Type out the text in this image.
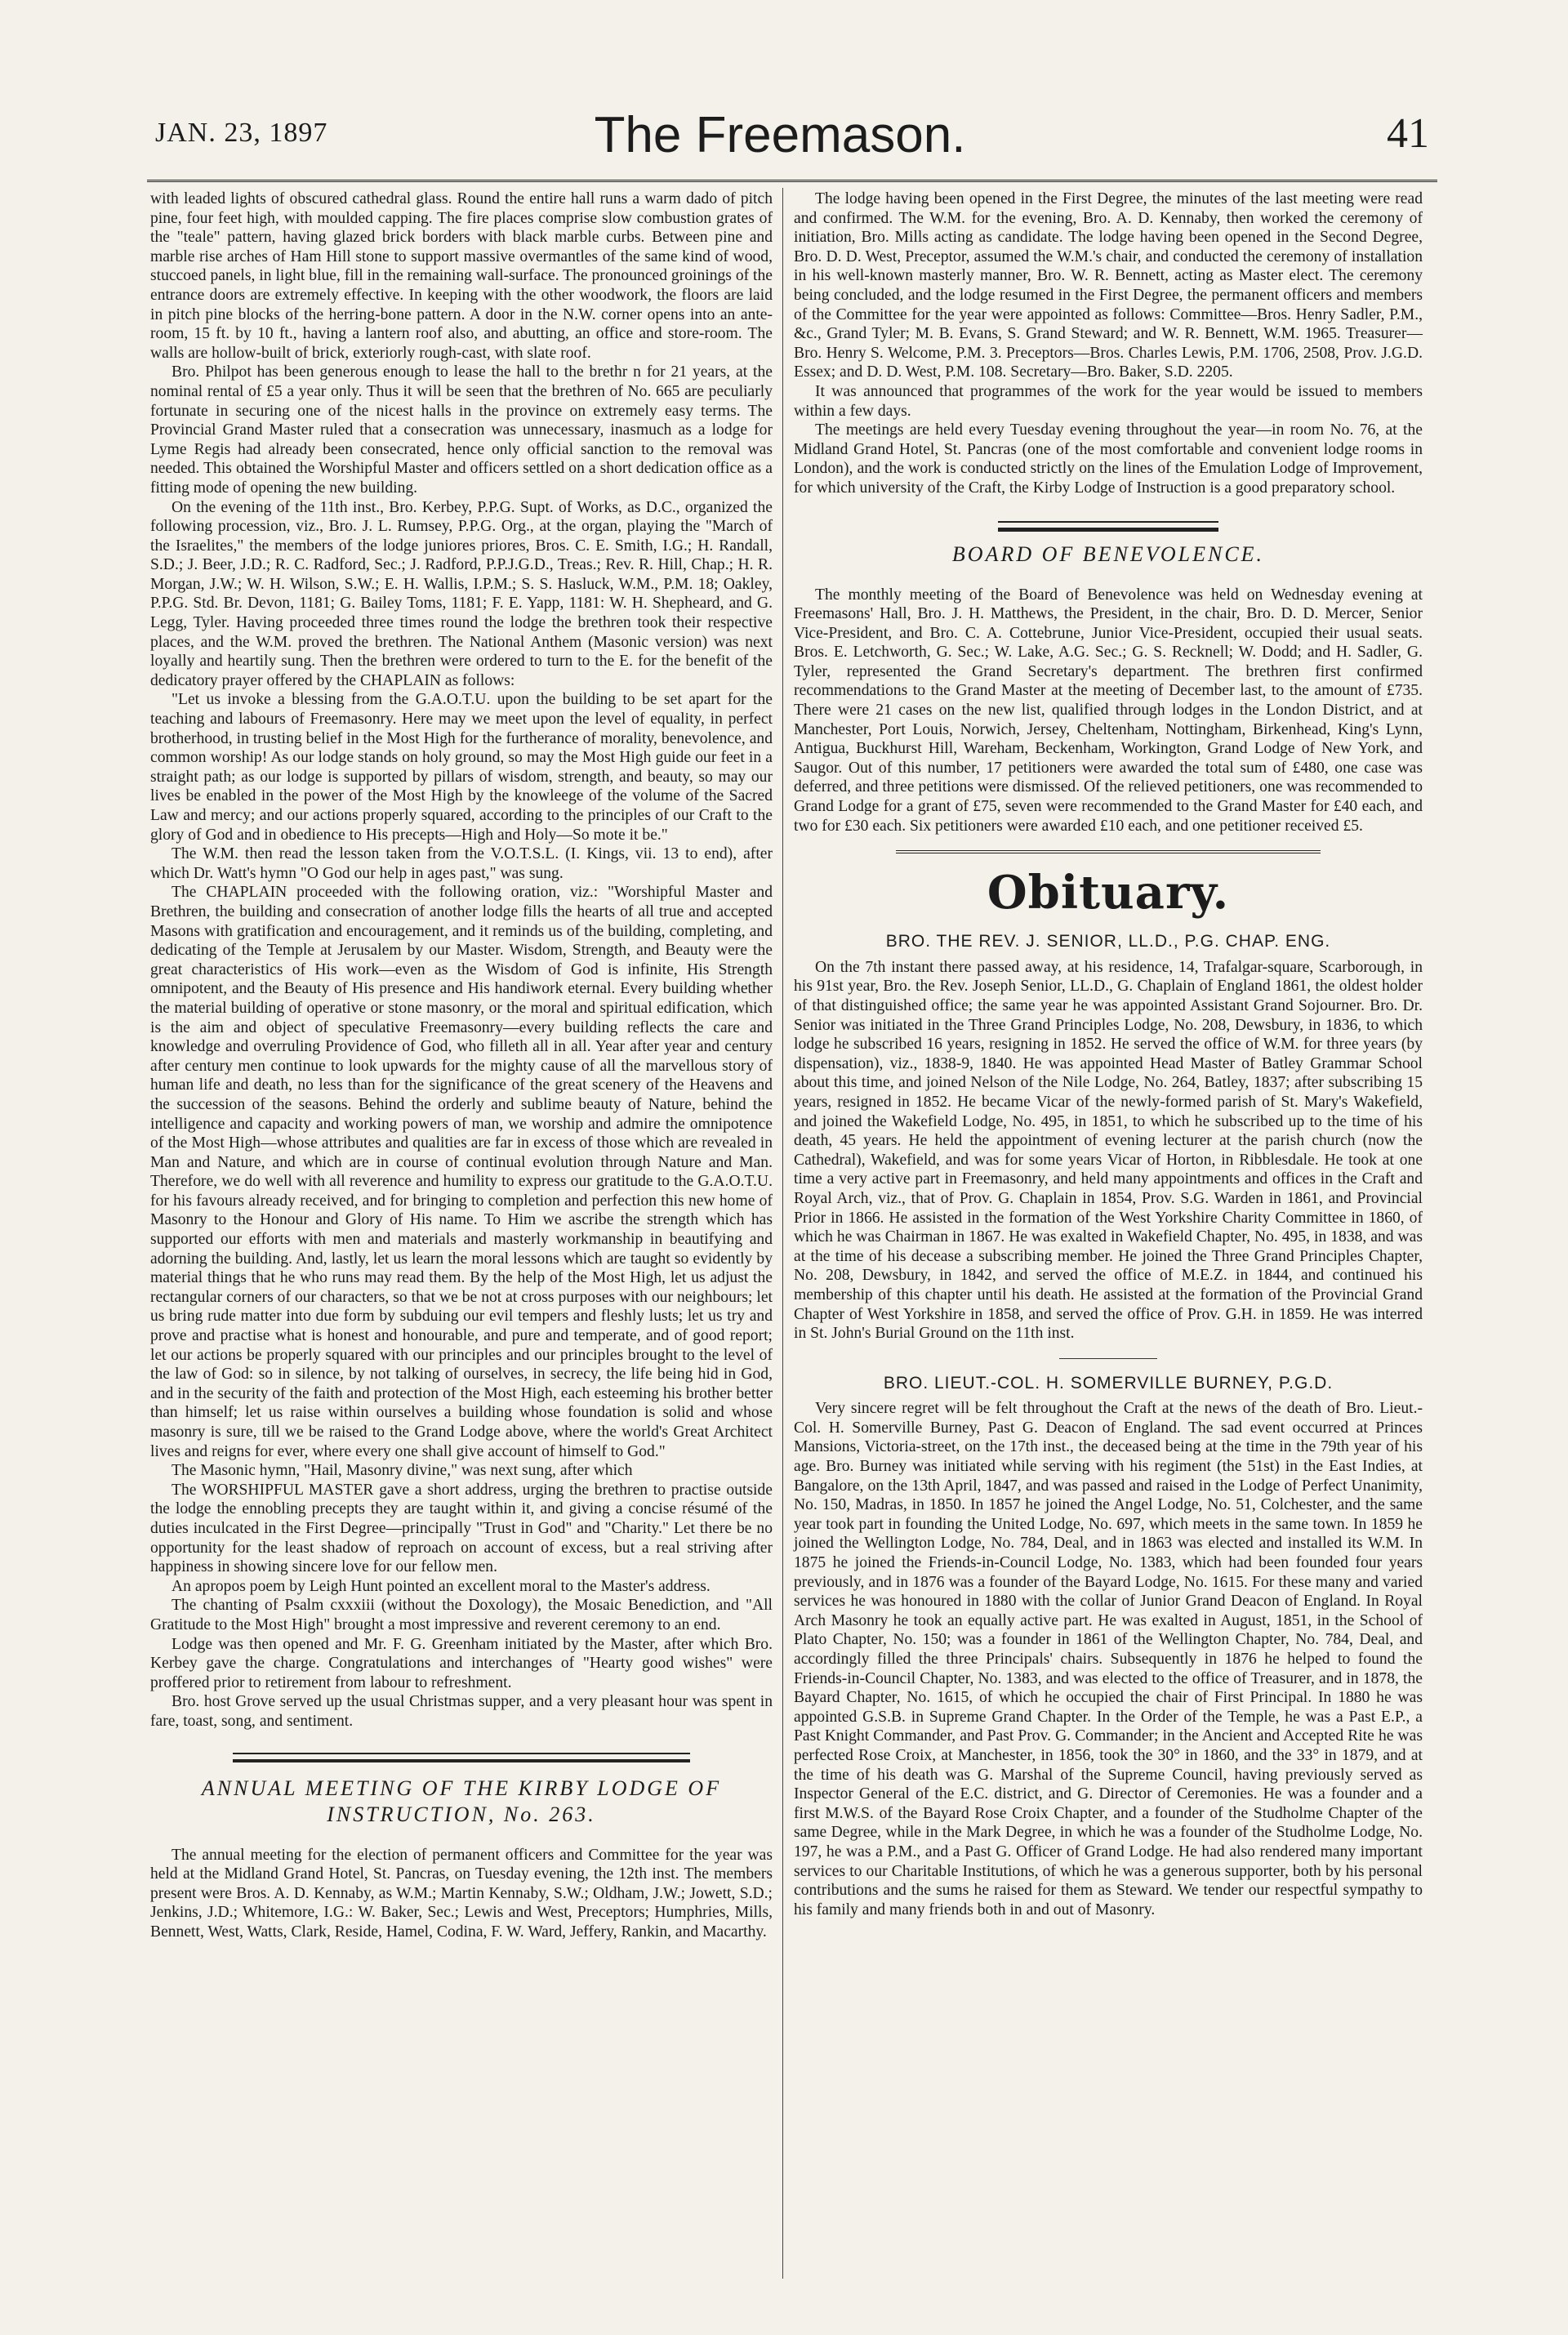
JAN. 23, 1897	The Freemason.	41

with leaded lights of obscured cathedral glass. Round the entire hall runs a warm dado of pitch pine, four feet high, with moulded capping. The fire places comprise slow combustion grates of the "teale" pattern, having glazed brick borders with black marble curbs. Between pine and marble rise arches of Ham Hill stone to support massive overmantles of the same kind of wood, stuccoed panels, in light blue, fill in the remaining wall-surface. The pronounced groinings of the entrance doors are extremely effective. In keeping with the other woodwork, the floors are laid in pitch pine blocks of the herring-bone pattern. A door in the N.W. corner opens into an ante-room, 15 ft. by 10 ft., having a lantern roof also, and abutting, an office and store-room. The walls are hollow-built of brick, exteriorly rough-cast, with slate roof.

Bro. Philpot has been generous enough to lease the hall to the brethr n for 21 years, at the nominal rental of £5 a year only. Thus it will be seen that the brethren of No. 665 are peculiarly fortunate in securing one of the nicest halls in the province on extremely easy terms. The Provincial Grand Master ruled that a consecration was unnecessary, inasmuch as a lodge for Lyme Regis had already been consecrated, hence only official sanction to the removal was needed. This obtained the Worshipful Master and officers settled on a short dedication office as a fitting mode of opening the new building.

On the evening of the 11th inst., Bro. Kerbey, P.P.G. Supt. of Works, as D.C., organized the following procession, viz., Bro. J. L. Rumsey, P.P.G. Org., at the organ, playing the "March of the Israelites," the members of the lodge juniores priores, Bros. C. E. Smith, I.G.; H. Randall, S.D.; J. Beer, J.D.; R. C. Radford, Sec.; J. Radford, P.P.J.G.D., Treas.; Rev. R. Hill, Chap.; H. R. Morgan, J.W.; W. H. Wilson, S.W.; E. H. Wallis, I.P.M.; S. S. Hasluck, W.M., P.M. 18; Oakley, P.P.G. Std. Br. Devon, 1181; G. Bailey Toms, 1181; F. E. Yapp, 1181: W. H. Shepheard, and G. Legg, Tyler. Having proceeded three times round the lodge the brethren took their respective places, and the W.M. proved the brethren. The National Anthem (Masonic version) was next loyally and heartily sung. Then the brethren were ordered to turn to the E. for the benefit of the dedicatory prayer offered by the CHAPLAIN as follows:

"Let us invoke a blessing from the G.A.O.T.U. upon the building to be set apart for the teaching and labours of Freemasonry. Here may we meet upon the level of equality, in perfect brotherhood, in trusting belief in the Most High for the furtherance of morality, benevolence, and common worship! As our lodge stands on holy ground, so may the Most High guide our feet in a straight path; as our lodge is supported by pillars of wisdom, strength, and beauty, so may our lives be enabled in the power of the Most High by the knowleege of the volume of the Sacred Law and mercy; and our actions properly squared, according to the principles of our Craft to the glory of God and in obedience to His precepts—High and Holy—So mote it be."

The W.M. then read the lesson taken from the V.O.T.S.L. (I. Kings, vii. 13 to end), after which Dr. Watt's hymn "O God our help in ages past," was sung.

The CHAPLAIN proceeded with the following oration, viz.: "Worshipful Master and Brethren, the building and consecration of another lodge fills the hearts of all true and accepted Masons with gratification and encouragement, and it reminds us of the building, completing, and dedicating of the Temple at Jerusalem by our Master. Wisdom, Strength, and Beauty were the great characteristics of His work—even as the Wisdom of God is infinite, His Strength omnipotent, and the Beauty of His presence and His handiwork eternal. Every building whether the material building of operative or stone masonry, or the moral and spiritual edification, which is the aim and object of speculative Freemasonry—every building reflects the care and knowledge and overruling Providence of God, who filleth all in all. Year after year and century after century men continue to look upwards for the mighty cause of all the marvellous story of human life and death, no less than for the significance of the great scenery of the Heavens and the succession of the seasons. Behind the orderly and sublime beauty of Nature, behind the intelligence and capacity and working powers of man, we worship and admire the omnipotence of the Most High—whose attributes and qualities are far in excess of those which are revealed in Man and Nature, and which are in course of continual evolution through Nature and Man. Therefore, we do well with all reverence and humility to express our gratitude to the G.A.O.T.U. for his favours already received, and for bringing to completion and perfection this new home of Masonry to the Honour and Glory of His name. To Him we ascribe the strength which has supported our efforts with men and materials and masterly workmanship in beautifying and adorning the building. And, lastly, let us learn the moral lessons which are taught so evidently by material things that he who runs may read them. By the help of the Most High, let us adjust the rectangular corners of our characters, so that we be not at cross purposes with our neighbours; let us bring rude matter into due form by subduing our evil tempers and fleshly lusts; let us try and prove and practise what is honest and honourable, and pure and temperate, and of good report; let our actions be properly squared with our principles and our principles brought to the level of the law of God: so in silence, by not talking of ourselves, in secrecy, the life being hid in God, and in the security of the faith and protection of the Most High, each esteeming his brother better than himself; let us raise within ourselves a building whose foundation is solid and whose masonry is sure, till we be raised to the Grand Lodge above, where the world's Great Architect lives and reigns for ever, where every one shall give account of himself to God."

The Masonic hymn, "Hail, Masonry divine," was next sung, after which

The WORSHIPFUL MASTER gave a short address, urging the brethren to practise outside the lodge the ennobling precepts they are taught within it, and giving a concise résumé of the duties inculcated in the First Degree—principally "Trust in God" and "Charity." Let there be no opportunity for the least shadow of reproach on account of excess, but a real striving after happiness in showing sincere love for our fellow men.

An apropos poem by Leigh Hunt pointed an excellent moral to the Master's address.

The chanting of Psalm cxxxiii (without the Doxology), the Mosaic Benediction, and "All Gratitude to the Most High" brought a most impressive and reverent ceremony to an end.

Lodge was then opened and Mr. F. G. Greenham initiated by the Master, after which Bro. Kerbey gave the charge. Congratulations and interchanges of "Hearty good wishes" were proffered prior to retirement from labour to refreshment.

Bro. host Grove served up the usual Christmas supper, and a very pleasant hour was spent in fare, toast, song, and sentiment.

ANNUAL MEETING OF THE KIRBY LODGE OF
INSTRUCTION, No. 263.

The annual meeting for the election of permanent officers and Committee for the year was held at the Midland Grand Hotel, St. Pancras, on Tuesday evening, the 12th inst. The members present were Bros. A. D. Kennaby, as W.M.; Martin Kennaby, S.W.; Oldham, J.W.; Jowett, S.D.; Jenkins, J.D.; Whitemore, I.G.: W. Baker, Sec.; Lewis and West, Preceptors; Humphries, Mills, Bennett, West, Watts, Clark, Reside, Hamel, Codina, F. W. Ward, Jeffery, Rankin, and Macarthy.

The lodge having been opened in the First Degree, the minutes of the last meeting were read and confirmed. The W.M. for the evening, Bro. A. D. Kennaby, then worked the ceremony of initiation, Bro. Mills acting as candidate. The lodge having been opened in the Second Degree, Bro. D. D. West, Preceptor, assumed the W.M.'s chair, and conducted the ceremony of installation in his well-known masterly manner, Bro. W. R. Bennett, acting as Master elect. The ceremony being concluded, and the lodge resumed in the First Degree, the permanent officers and members of the Committee for the year were appointed as follows: Committee—Bros. Henry Sadler, P.M., &c., Grand Tyler; M. B. Evans, S. Grand Steward; and W. R. Bennett, W.M. 1965. Treasurer—Bro. Henry S. Welcome, P.M. 3. Preceptors—Bros. Charles Lewis, P.M. 1706, 2508, Prov. J.G.D. Essex; and D. D. West, P.M. 108. Secretary—Bro. Baker, S.D. 2205.

It was announced that programmes of the work for the year would be issued to members within a few days.

The meetings are held every Tuesday evening throughout the year—in room No. 76, at the Midland Grand Hotel, St. Pancras (one of the most comfortable and convenient lodge rooms in London), and the work is conducted strictly on the lines of the Emulation Lodge of Improvement, for which university of the Craft, the Kirby Lodge of Instruction is a good preparatory school.

BOARD OF BENEVOLENCE.

The monthly meeting of the Board of Benevolence was held on Wednesday evening at Freemasons' Hall, Bro. J. H. Matthews, the President, in the chair, Bro. D. D. Mercer, Senior Vice-President, and Bro. C. A. Cottebrune, Junior Vice-President, occupied their usual seats. Bros. E. Letchworth, G. Sec.; W. Lake, A.G. Sec.; G. S. Recknell; W. Dodd; and H. Sadler, G. Tyler, represented the Grand Secretary's department. The brethren first confirmed recommendations to the Grand Master at the meeting of December last, to the amount of £735. There were 21 cases on the new list, qualified through lodges in the London District, and at Manchester, Port Louis, Norwich, Jersey, Cheltenham, Nottingham, Birkenhead, King's Lynn, Antigua, Buckhurst Hill, Wareham, Beckenham, Workington, Grand Lodge of New York, and Saugor. Out of this number, 17 petitioners were awarded the total sum of £480, one case was deferred, and three petitions were dismissed. Of the relieved petitioners, one was recommended to Grand Lodge for a grant of £75, seven were recommended to the Grand Master for £40 each, and two for £30 each. Six petitioners were awarded £10 each, and one petitioner received £5.

Obituary.
BRO. THE REV. J. SENIOR, LL.D., P.G. CHAP. ENG.

On the 7th instant there passed away, at his residence, 14, Trafalgar-square, Scarborough, in his 91st year, Bro. the Rev. Joseph Senior, LL.D., G. Chaplain of England 1861, the oldest holder of that distinguished office; the same year he was appointed Assistant Grand Sojourner. Bro. Dr. Senior was initiated in the Three Grand Principles Lodge, No. 208, Dewsbury, in 1836, to which lodge he subscribed 16 years, resigning in 1852. He served the office of W.M. for three years (by dispensation), viz., 1838-9, 1840. He was appointed Head Master of Batley Grammar School about this time, and joined Nelson of the Nile Lodge, No. 264, Batley, 1837; after subscribing 15 years, resigned in 1852. He became Vicar of the newly-formed parish of St. Mary's Wakefield, and joined the Wakefield Lodge, No. 495, in 1851, to which he subscribed up to the time of his death, 45 years. He held the appointment of evening lecturer at the parish church (now the Cathedral), Wakefield, and was for some years Vicar of Horton, in Ribblesdale. He took at one time a very active part in Freemasonry, and held many appointments and offices in the Craft and Royal Arch, viz., that of Prov. G. Chaplain in 1854, Prov. S.G. Warden in 1861, and Provincial Prior in 1866. He assisted in the formation of the West Yorkshire Charity Committee in 1860, of which he was Chairman in 1867. He was exalted in Wakefield Chapter, No. 495, in 1838, and was at the time of his decease a subscribing member. He joined the Three Grand Principles Chapter, No. 208, Dewsbury, in 1842, and served the office of M.E.Z. in 1844, and continued his membership of this chapter until his death. He assisted at the formation of the Provincial Grand Chapter of West Yorkshire in 1858, and served the office of Prov. G.H. in 1859. He was interred in St. John's Burial Ground on the 11th inst.

BRO. LIEUT.-COL. H. SOMERVILLE BURNEY, P.G.D.

Very sincere regret will be felt throughout the Craft at the news of the death of Bro. Lieut.-Col. H. Somerville Burney, Past G. Deacon of England. The sad event occurred at Princes Mansions, Victoria-street, on the 17th inst., the deceased being at the time in the 79th year of his age. Bro. Burney was initiated while serving with his regiment (the 51st) in the East Indies, at Bangalore, on the 13th April, 1847, and was passed and raised in the Lodge of Perfect Unanimity, No. 150, Madras, in 1850. In 1857 he joined the Angel Lodge, No. 51, Colchester, and the same year took part in founding the United Lodge, No. 697, which meets in the same town. In 1859 he joined the Wellington Lodge, No. 784, Deal, and in 1863 was elected and installed its W.M. In 1875 he joined the Friends-in-Council Lodge, No. 1383, which had been founded four years previously, and in 1876 was a founder of the Bayard Lodge, No. 1615. For these many and varied services he was honoured in 1880 with the collar of Junior Grand Deacon of England. In Royal Arch Masonry he took an equally active part. He was exalted in August, 1851, in the School of Plato Chapter, No. 150; was a founder in 1861 of the Wellington Chapter, No. 784, Deal, and accordingly filled the three Principals' chairs. Subsequently in 1876 he helped to found the Friends-in-Council Chapter, No. 1383, and was elected to the office of Treasurer, and in 1878, the Bayard Chapter, No. 1615, of which he occupied the chair of First Principal. In 1880 he was appointed G.S.B. in Supreme Grand Chapter. In the Order of the Temple, he was a Past E.P., a Past Knight Commander, and Past Prov. G. Commander; in the Ancient and Accepted Rite he was perfected Rose Croix, at Manchester, in 1856, took the 30° in 1860, and the 33° in 1879, and at the time of his death was G. Marshal of the Supreme Council, having previously served as Inspector General of the E.C. district, and G. Director of Ceremonies. He was a founder and a first M.W.S. of the Bayard Rose Croix Chapter, and a founder of the Studholme Chapter of the same Degree, while in the Mark Degree, in which he was a founder of the Studholme Lodge, No. 197, he was a P.M., and a Past G. Officer of Grand Lodge. He had also rendered many important services to our Charitable Institutions, of which he was a generous supporter, both by his personal contributions and the sums he raised for them as Steward. We tender our respectful sympathy to his family and many friends both in and out of Masonry.
